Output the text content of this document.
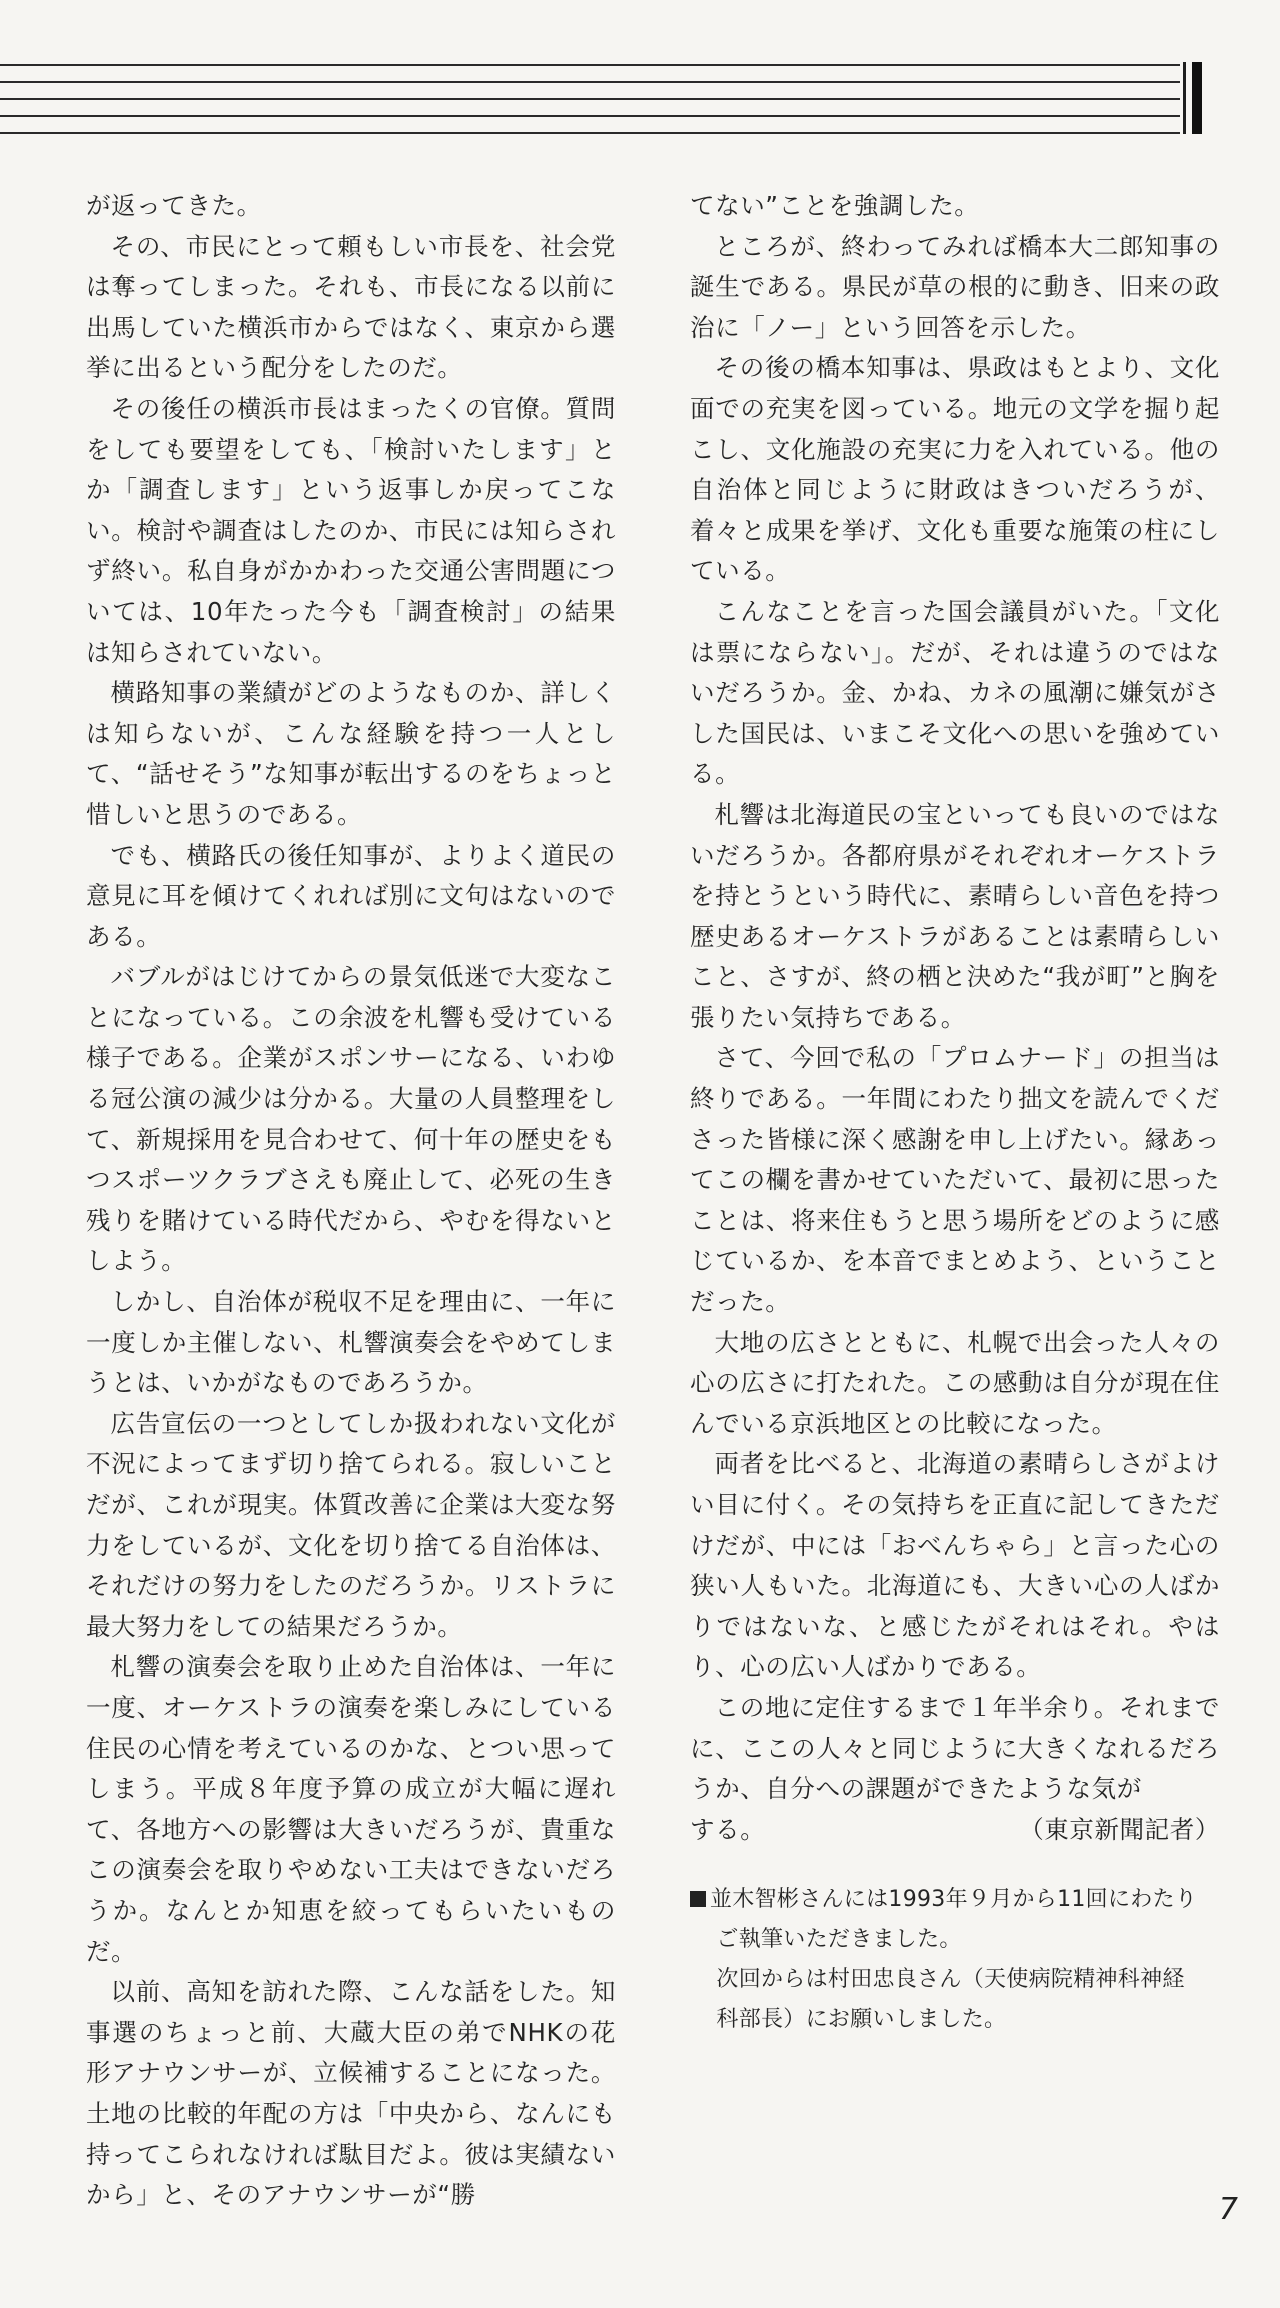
が返ってきた。

その、市民にとって頼もしい市長を、社会党は奪ってしまった。それも、市長になる以前に出馬していた横浜市からではなく、東京から選挙に出るという配分をしたのだ。

その後任の横浜市長はまったくの官僚。質問をしても要望をしても、「検討いたします」とか「調査します」という返事しか戻ってこない。検討や調査はしたのか、市民には知らされず終い。私自身がかかわった交通公害問題については、10年たった今も「調査検討」の結果は知らされていない。

横路知事の業績がどのようなものか、詳しくは知らないが、こんな経験を持つ一人として、“話せそう”な知事が転出するのをちょっと惜しいと思うのである。

でも、横路氏の後任知事が、よりよく道民の意見に耳を傾けてくれれば別に文句はないのである。

バブルがはじけてからの景気低迷で大変なことになっている。この余波を札響も受けている様子である。企業がスポンサーになる、いわゆる冠公演の減少は分かる。大量の人員整理をして、新規採用を見合わせて、何十年の歴史をもつスポーツクラブさえも廃止して、必死の生き残りを賭けている時代だから、やむを得ないとしよう。

しかし、自治体が税収不足を理由に、一年に一度しか主催しない、札響演奏会をやめてしまうとは、いかがなものであろうか。

広告宣伝の一つとしてしか扱われない文化が不況によってまず切り捨てられる。寂しいことだが、これが現実。体質改善に企業は大変な努力をしているが、文化を切り捨てる自治体は、それだけの努力をしたのだろうか。リストラに最大努力をしての結果だろうか。

札響の演奏会を取り止めた自治体は、一年に一度、オーケストラの演奏を楽しみにしている住民の心情を考えているのかな、とつい思ってしまう。平成８年度予算の成立が大幅に遅れて、各地方への影響は大きいだろうが、貴重なこの演奏会を取りやめない工夫はできないだろうか。なんとか知恵を絞ってもらいたいものだ。

以前、高知を訪れた際、こんな話をした。知事選のちょっと前、大蔵大臣の弟でNHKの花形アナウンサーが、立候補することになった。土地の比較的年配の方は「中央から、なんにも持ってこられなければ駄目だよ。彼は実績ないから」と、そのアナウンサーが“勝

てない”ことを強調した。

ところが、終わってみれば橋本大二郎知事の誕生である。県民が草の根的に動き、旧来の政治に「ノー」という回答を示した。

その後の橋本知事は、県政はもとより、文化面での充実を図っている。地元の文学を掘り起こし、文化施設の充実に力を入れている。他の自治体と同じように財政はきついだろうが、着々と成果を挙げ、文化も重要な施策の柱にしている。

こんなことを言った国会議員がいた。「文化は票にならない」。だが、それは違うのではないだろうか。金、かね、カネの風潮に嫌気がさした国民は、いまこそ文化への思いを強めている。

札響は北海道民の宝といっても良いのではないだろうか。各都府県がそれぞれオーケストラを持とうという時代に、素晴らしい音色を持つ歴史あるオーケストラがあることは素晴らしいこと、さすが、終の栖と決めた“我が町”と胸を張りたい気持ちである。

さて、今回で私の「プロムナード」の担当は終りである。一年間にわたり拙文を読んでくださった皆様に深く感謝を申し上げたい。縁あってこの欄を書かせていただいて、最初に思ったことは、将来住もうと思う場所をどのように感じているか、を本音でまとめよう、ということだった。

大地の広さとともに、札幌で出会った人々の心の広さに打たれた。この感動は自分が現在住んでいる京浜地区との比較になった。

両者を比べると、北海道の素晴らしさがよけい目に付く。その気持ちを正直に記してきただけだが、中には「おべんちゃら」と言った心の狭い人もいた。北海道にも、大きい心の人ばかりではないな、と感じたがそれはそれ。やはり、心の広い人ばかりである。

この地に定住するまで１年半余り。それまでに、ここの人々と同じように大きくなれるだろうか、自分への課題ができたような気が

する。	（東京新聞記者）

並木智彬さんには1993年９月から11回にわたり
ご執筆いただきました。
次回からは村田忠良さん（天使病院精神科神経
科部長）にお願いしました。
7
